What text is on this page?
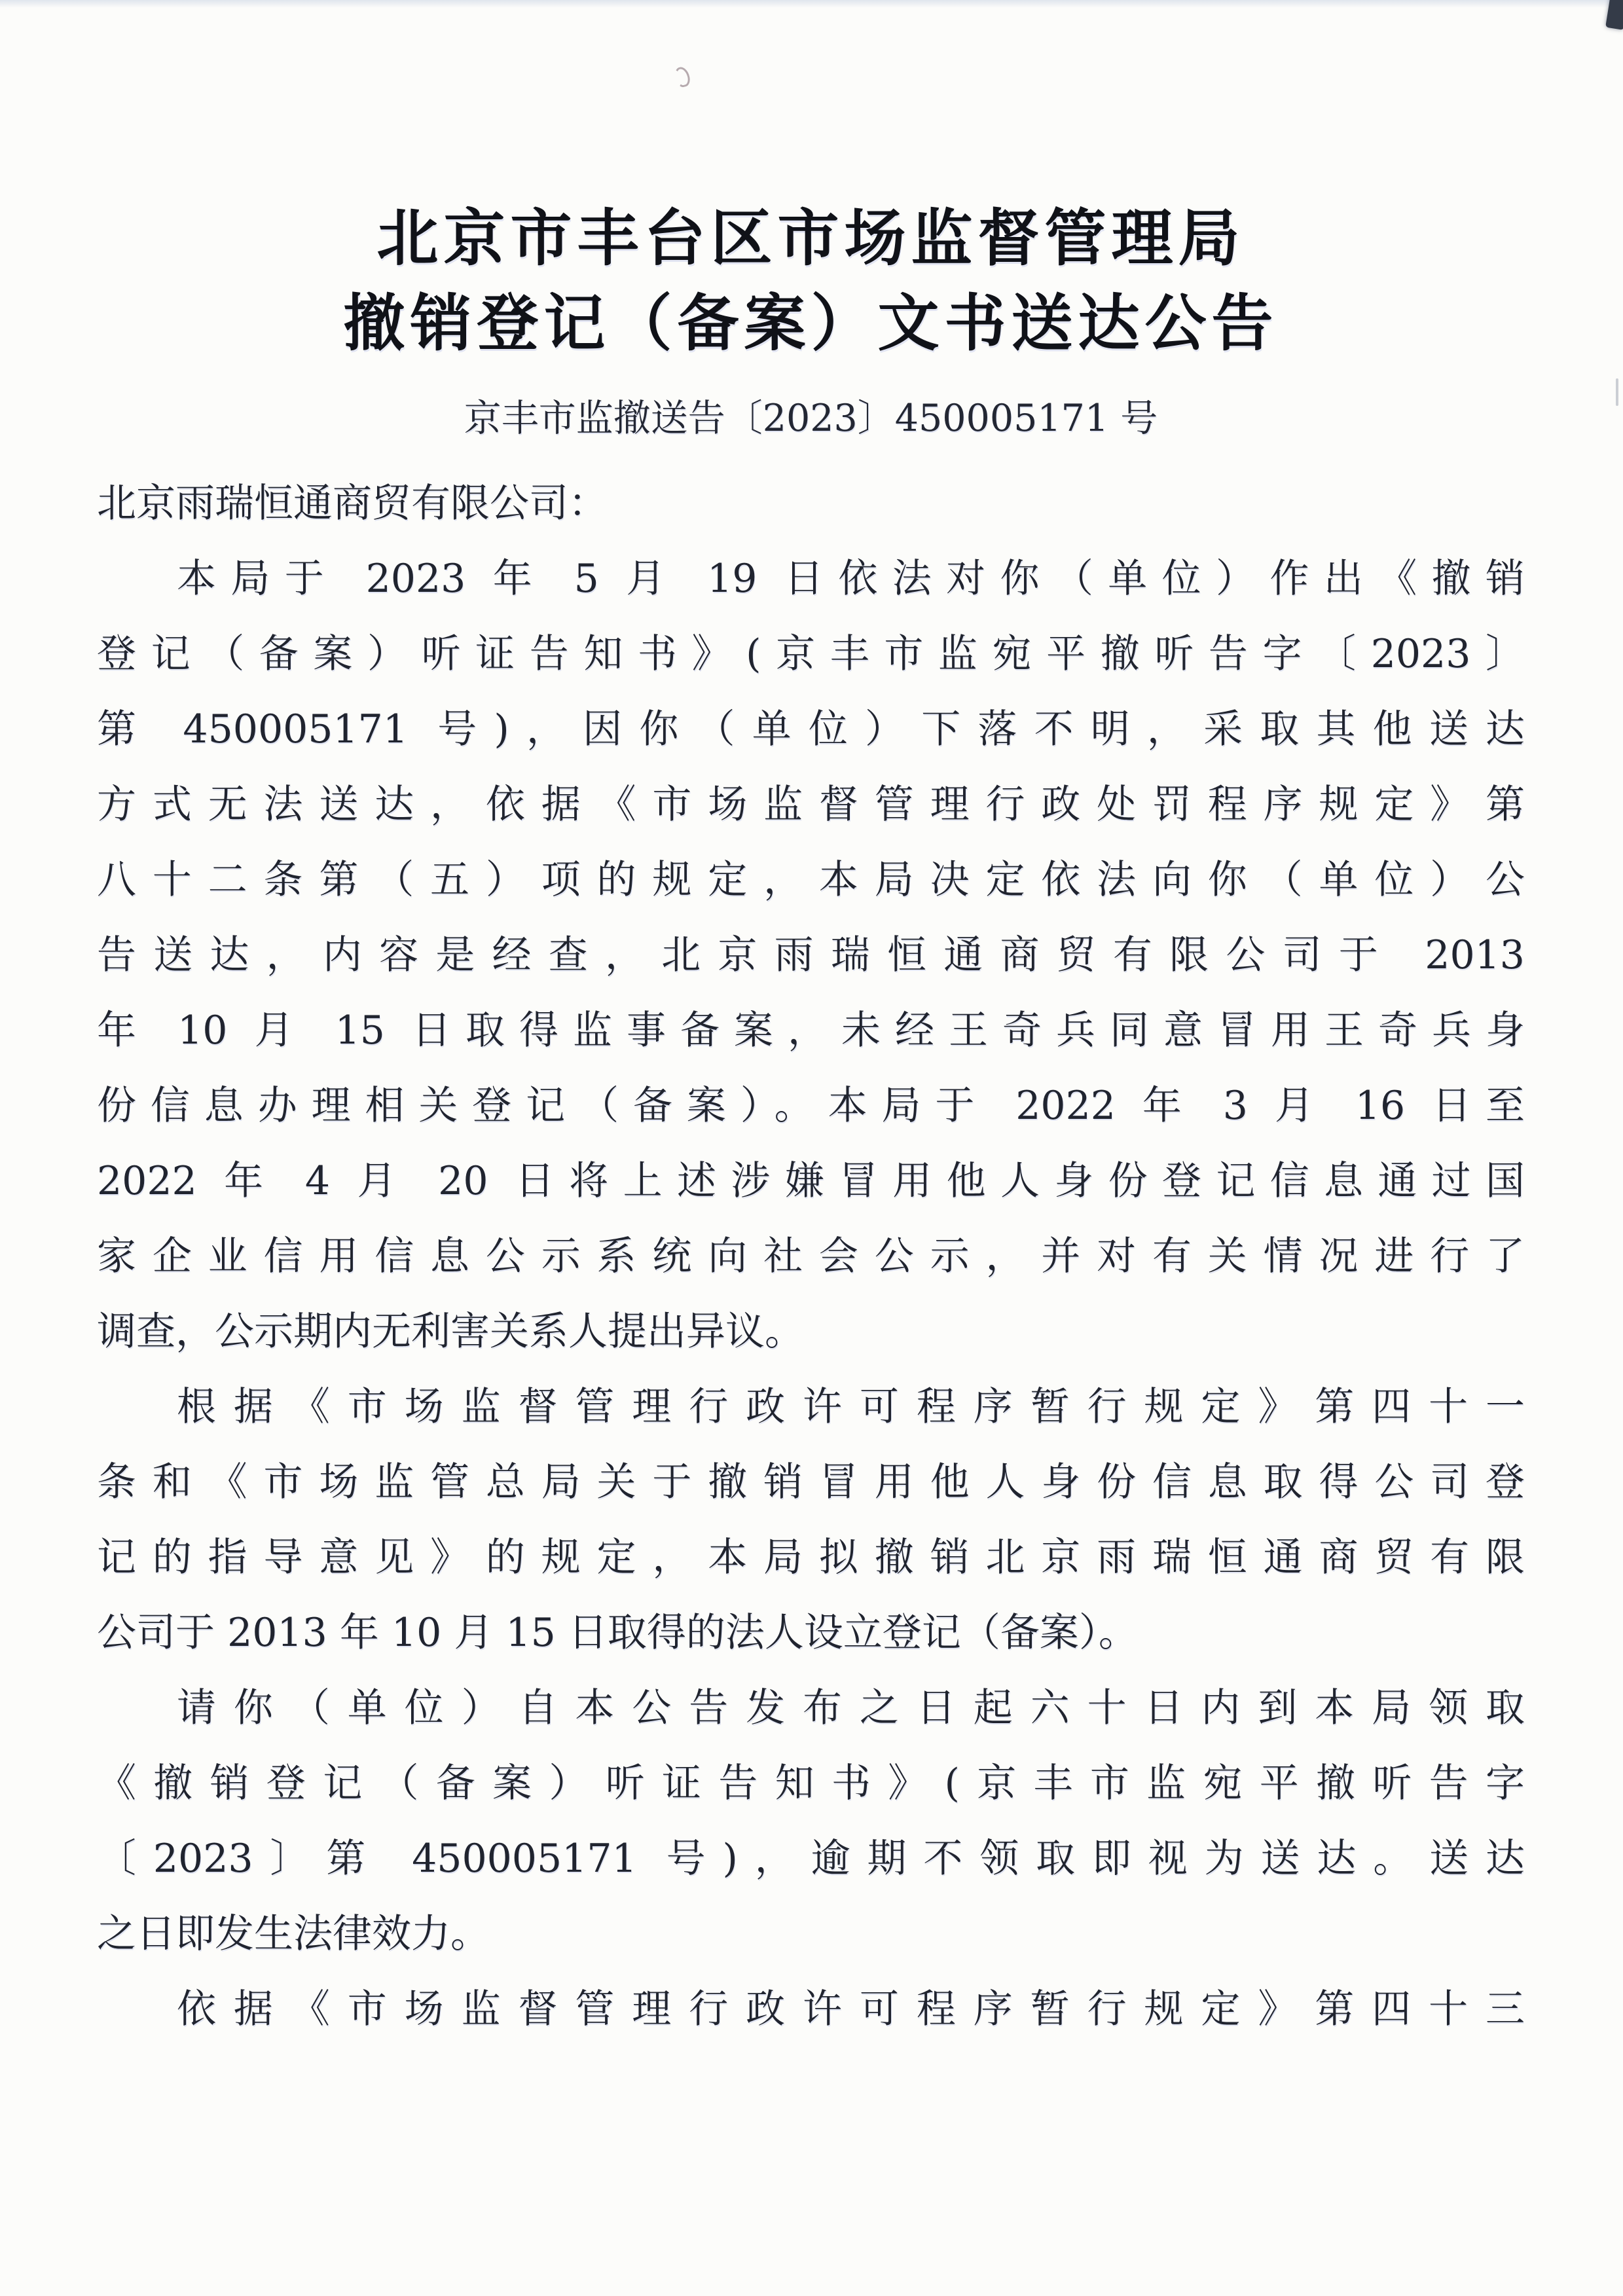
北京市丰台区市场监督管理局
撤销登记（备案）文书送达公告
京丰市监撤送告〔2023〕450005171 号
北京雨瑞恒通商贸有限公司：
本局于 2023 年 5 月 19 日依法对你（单位）作出《撤销
登记（备案）听证告知书》(京丰市监宛平撤听告字〔2023〕
第 450005171 号)，因你（单位）下落不明，采取其他送达
方式无法送达，依据《市场监督管理行政处罚程序规定》第
八十二条第（五）项的规定，本局决定依法向你（单位）公
告送达，内容是经查，北京雨瑞恒通商贸有限公司于 2013
年 10 月 15 日取得监事备案，未经王奇兵同意冒用王奇兵身
份信息办理相关登记（备案）。本局于 2022 年 3 月 16 日至
2022 年 4 月 20 日将上述涉嫌冒用他人身份登记信息通过国
家企业信用信息公示系统向社会公示，并对有关情况进行了
调查，公示期内无利害关系人提出异议。
根据《市场监督管理行政许可程序暂行规定》第四十一
条和《市场监管总局关于撤销冒用他人身份信息取得公司登
记的指导意见》的规定，本局拟撤销北京雨瑞恒通商贸有限
公司于 2013 年 10 月 15 日取得的法人设立登记（备案）。
请你（单位）自本公告发布之日起六十日内到本局领取
《撤销登记（备案）听证告知书》(京丰市监宛平撤听告字
〔2023〕第 450005171 号)，逾期不领取即视为送达。送达
之日即发生法律效力。
依据《市场监督管理行政许可程序暂行规定》第四十三
